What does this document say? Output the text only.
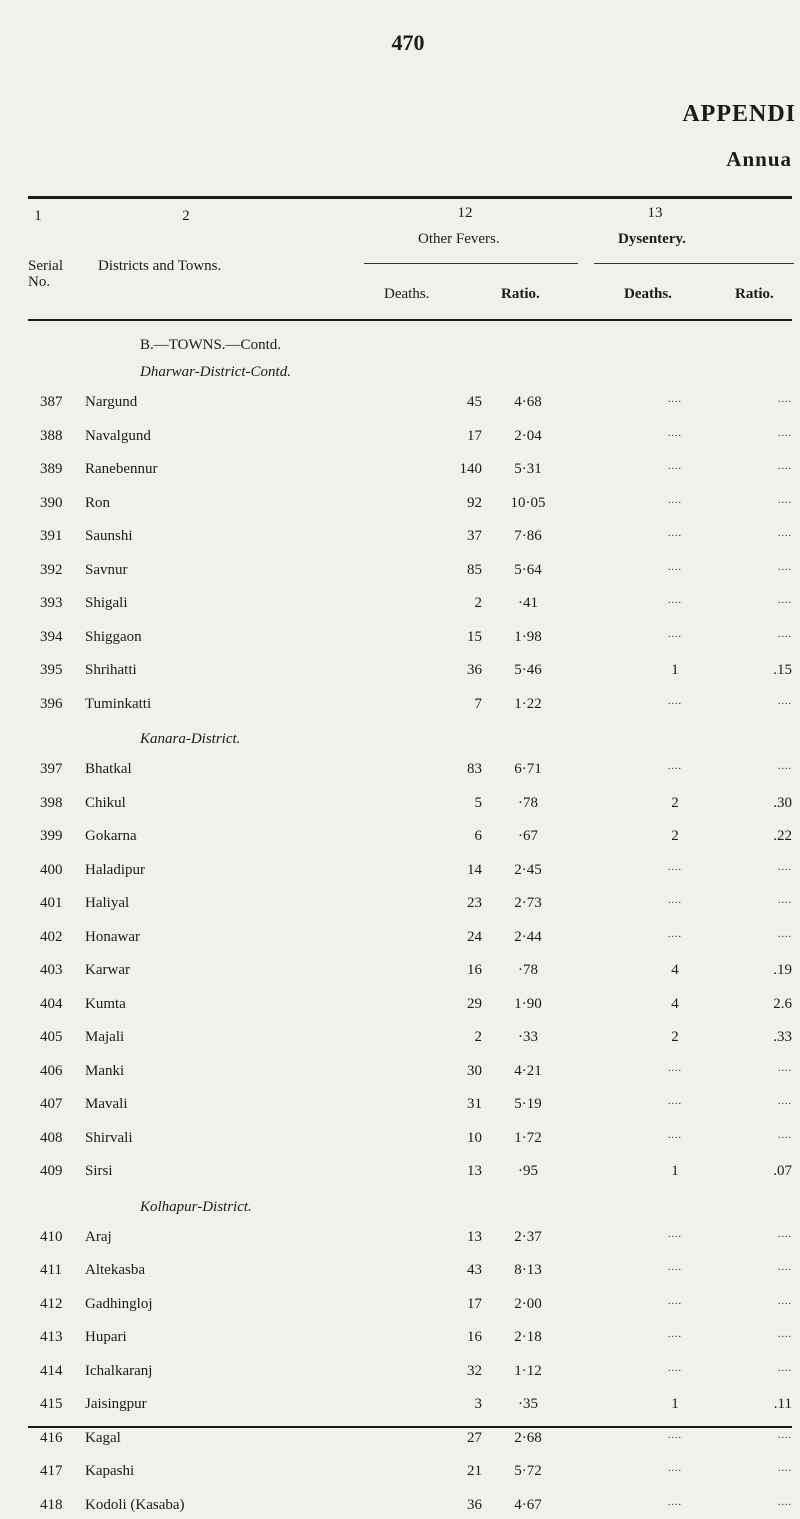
470
APPENDI
Annua
1	2	12	13
Other Fevers.	Dysentery.
Serial
No.
Districts and Towns.
Deaths.	Ratio.	Deaths.	Ratio.
B.—TOWNS.—Contd.
Dharwar-District-Contd.
387	Nargund	45	4·68	....	....
388	Navalgund	17	2·04	....	....
389	Ranebennur	140	5·31	....	....
390	Ron	92	10·05	....	....
391	Saunshi	37	7·86	....	....
392	Savnur	85	5·64	....	....
393	Shigali	2	·41	....	....
394	Shiggaon	15	1·98	....	....
395	Shrihatti	36	5·46	1	.15
396	Tuminkatti	7	1·22	....	....
Kanara-District.
397	Bhatkal	83	6·71	....	....
398	Chikul	5	·78	2	.30
399	Gokarna	6	·67	2	.22
400	Haladipur	14	2·45	....	....
401	Haliyal	23	2·73	....	....
402	Honawar	24	2·44	....	....
403	Karwar	16	·78	4	.19
404	Kumta	29	1·90	4	2.6
405	Majali	2	·33	2	.33
406	Manki	30	4·21	....	....
407	Mavali	31	5·19	....	....
408	Shirvali	10	1·72	....	....
409	Sirsi	13	·95	1	.07
Kolhapur-District.
410	Araj	13	2·37	....	....
411	Altekasba	43	8·13	....	....
412	Gadhingloj	17	2·00	....	....
413	Hupari	16	2·18	....	....
414	Ichalkaranj	32	1·12	....	....
415	Jaisingpur	3	·35	1	.11
416	Kagal	27	2·68	....	....
417	Kapashi	21	5·72	....	....
418	Kodoli (Kasaba)	36	4·67	....	....
